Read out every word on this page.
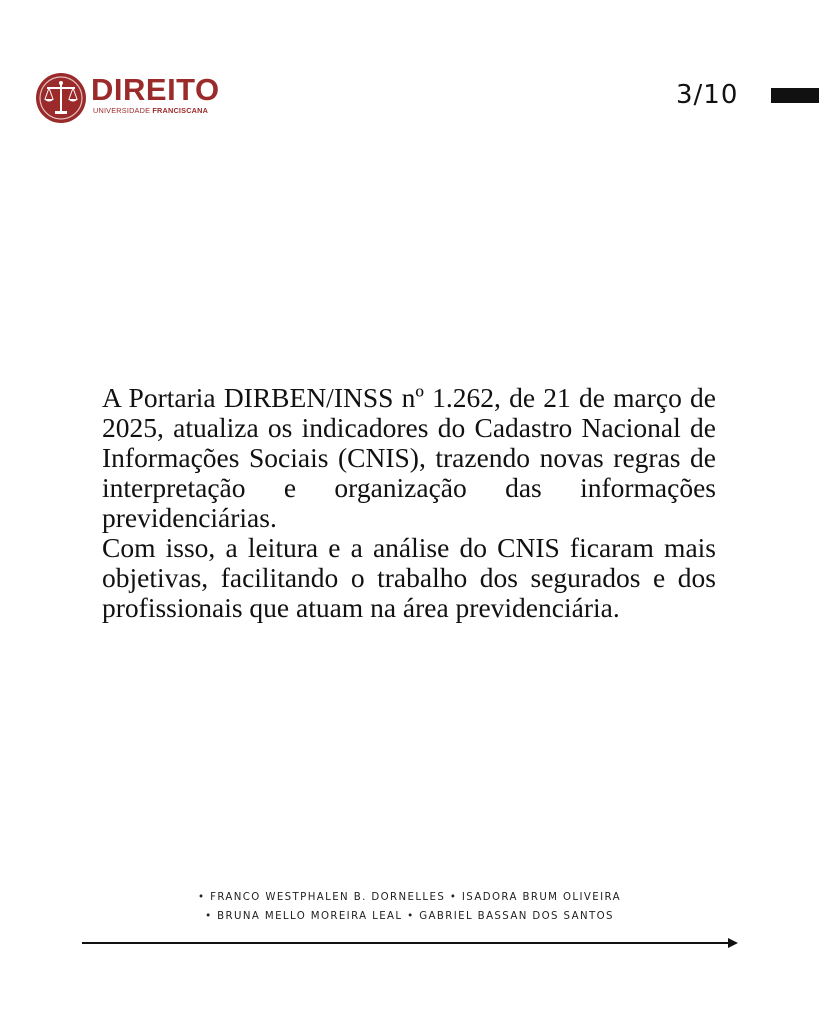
DIREITO
UNIVERSIDADE FRANCISCANA
3/10

A Portaria DIRBEN/INSS nº 1.262, de 21 de março de 2025, atualiza os indicadores do Cadastro Nacional de Informações Sociais (CNIS), trazendo novas regras de interpretação e organização das informações previdenciárias.

Com isso, a leitura e a análise do CNIS ficaram mais objetivas, facilitando o trabalho dos segurados e dos profissionais que atuam na área previdenciária.

• FRANCO WESTPHALEN B. DORNELLES • ISADORA BRUM OLIVEIRA
• BRUNA MELLO MOREIRA LEAL • GABRIEL BASSAN DOS SANTOS
